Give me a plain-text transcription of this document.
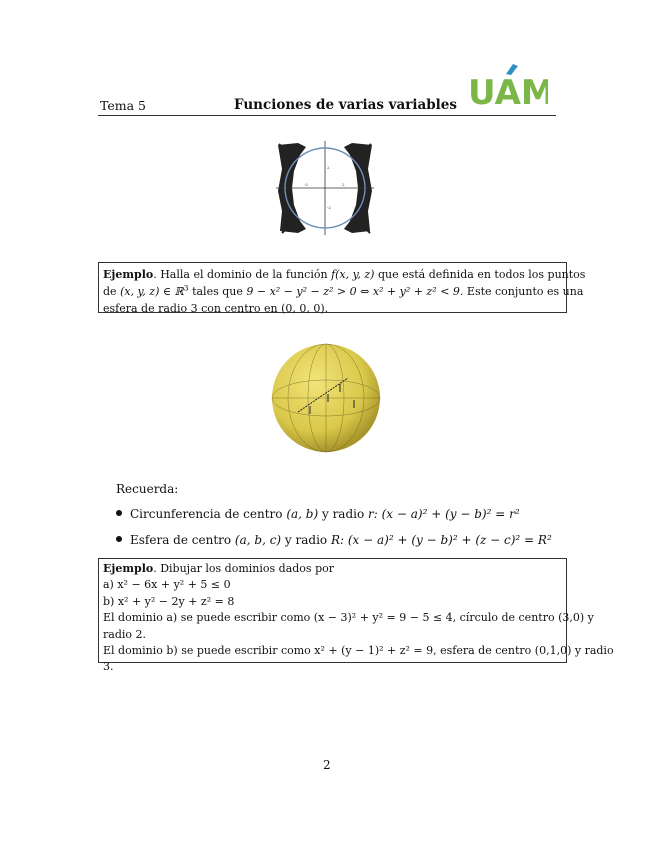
Tema 5	Funciones de varias variables UAM
-2	2
2
-2
Ejemplo. Halla el dominio de la función f(x, y, z) que está definida en todos los puntos
de (x, y, z) ∈ ℝ$^3$ tales que 9 − x² − y² − z² > 0 ⇔ x² + y² + z² < 9. Este conjunto es una
esfera de radio 3 con centro en (0, 0, 0).
Recuerda:
Circunferencia de centro (a, b) y radio r: (x − a)² + (y − b)² = r²
Esfera de centro (a, b, c) y radio R: (x − a)² + (y − b)² + (z − c)² = R²
Ejemplo. Dibujar los dominios dados por
a) x² − 6x + y² + 5 ≤ 0
b) x² + y² − 2y + z² = 8
El dominio a) se puede escribir como (x − 3)² + y² = 9 − 5 ≤ 4, círculo de centro (3,0) y
radio 2.
El dominio b) se puede escribir como x² + (y − 1)² + z² = 9, esfera de centro (0,1,0) y radio
3.
2
